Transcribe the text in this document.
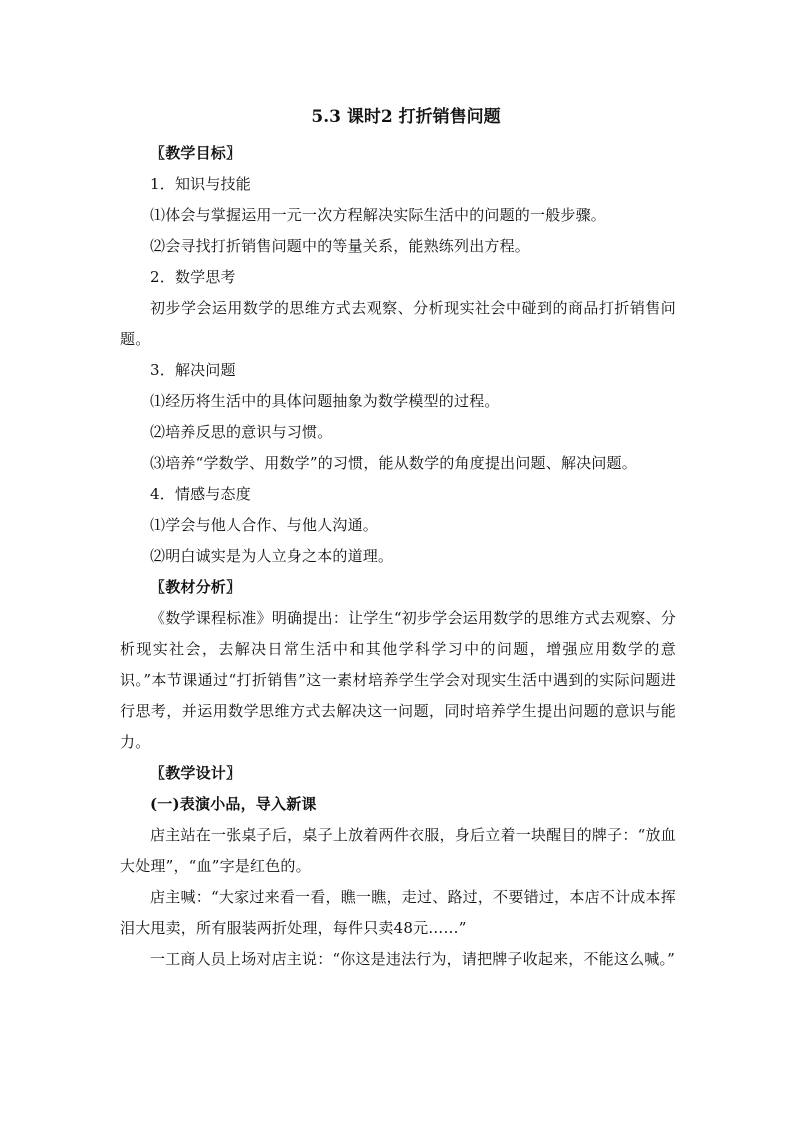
5.3 课时2 打折销售问题

〖教学目标〗

1．知识与技能

⑴体会与掌握运用一元一次方程解决实际生活中的问题的一般步骤。

⑵会寻找打折销售问题中的等量关系，能熟练列出方程。

2．数学思考

初步学会运用数学的思维方式去观察、分析现实社会中碰到的商品打折销售问题。

3．解决问题

⑴经历将生活中的具体问题抽象为数学模型的过程。

⑵培养反思的意识与习惯。

⑶培养“学数学、用数学”的习惯，能从数学的角度提出问题、解决问题。

4．情感与态度

⑴学会与他人合作、与他人沟通。

⑵明白诚实是为人立身之本的道理。

〖教材分析〗

《数学课程标准》明确提出：让学生“初步学会运用数学的思维方式去观察、分析现实社会，去解决日常生活中和其他学科学习中的问题，增强应用数学的意识。”本节课通过“打折销售”这一素材培养学生学会对现实生活中遇到的实际问题进行思考，并运用数学思维方式去解决这一问题，同时培养学生提出问题的意识与能力。

〖教学设计〗

(一)表演小品，导入新课

店主站在一张桌子后，桌子上放着两件衣服，身后立着一块醒目的牌子：“放血大处理”，“血”字是红色的。

店主喊：“大家过来看一看，瞧一瞧，走过、路过，不要错过，本店不计成本挥泪大甩卖，所有服装两折处理，每件只卖48元……”

一工商人员上场对店主说：“你这是违法行为，请把牌子收起来，不能这么喊。”
